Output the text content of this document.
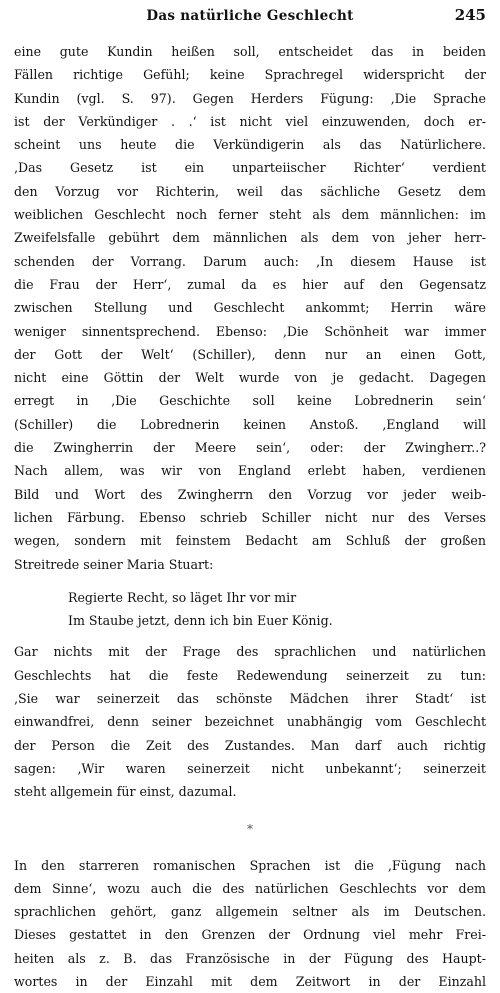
Das natürliche Geschlecht	245

eine gute Kundin heißen soll, entscheidet das in beiden
Fällen richtige Gefühl; keine Sprachregel widerspricht der
Kundin (vgl. S. 97). Gegen Herders Fügung: ‚Die Sprache
ist der Verkündiger . .‘ ist nicht viel einzuwenden, doch er-
scheint uns heute die Verkündigerin als das Natürlichere.
‚Das Gesetz ist ein unparteiischer Richter‘ verdient
den Vorzug vor Richterin, weil das sächliche Gesetz dem
weiblichen Geschlecht noch ferner steht als dem männlichen: im
Zweifelsfalle gebührt dem männlichen als dem von jeher herr-
schenden der Vorrang. Darum auch: ‚In diesem Hause ist
die Frau der Herr‘, zumal da es hier auf den Gegensatz
zwischen Stellung und Geschlecht ankommt; Herrin wäre
weniger sinnentsprechend. Ebenso: ‚Die Schönheit war immer
der Gott der Welt‘ (Schiller), denn nur an einen Gott,
nicht eine Göttin der Welt wurde von je gedacht. Dagegen
erregt in ‚Die Geschichte soll keine Lobrednerin sein‘
(Schiller) die Lobrednerin keinen Anstoß. ‚England will
die Zwingherrin der Meere sein‘, oder: der Zwingherr..?
Nach allem, was wir von England erlebt haben, verdienen
Bild und Wort des Zwingherrn den Vorzug vor jeder weib-
lichen Färbung. Ebenso schrieb Schiller nicht nur des Verses
wegen, sondern mit feinstem Bedacht am Schluß der großen
Streitrede seiner Maria Stuart:

Regierte Recht, so läget Ihr vor mir
Im Staube jetzt, denn ich bin Euer König.

Gar nichts mit der Frage des sprachlichen und natürlichen
Geschlechts hat die feste Redewendung seinerzeit zu tun:
‚Sie war seinerzeit das schönste Mädchen ihrer Stadt‘ ist
einwandfrei, denn seiner bezeichnet unabhängig vom Geschlecht
der Person die Zeit des Zustandes. Man darf auch richtig
sagen: ‚Wir waren seinerzeit nicht unbekannt‘; seinerzeit
steht allgemein für einst, dazumal.

*

In den starreren romanischen Sprachen ist die ‚Fügung nach
dem Sinne‘, wozu auch die des natürlichen Geschlechts vor dem
sprachlichen gehört, ganz allgemein seltner als im Deutschen.
Dieses gestattet in den Grenzen der Ordnung viel mehr Frei-
heiten als z. B. das Französische in der Fügung des Haupt-
wortes in der Einzahl mit dem Zeitwort in der Einzahl
